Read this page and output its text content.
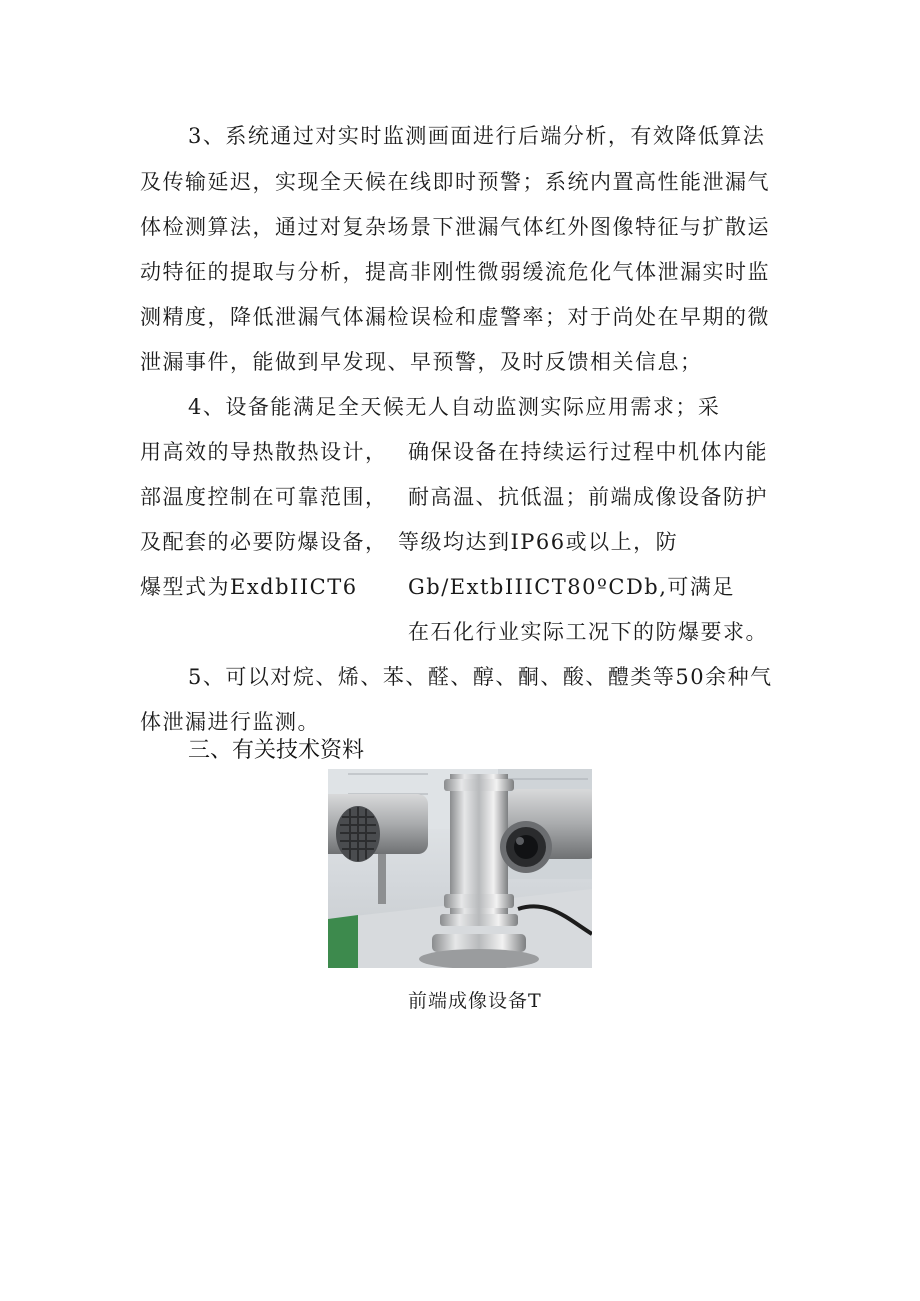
3、系统通过对实时监测画面进行后端分析，有效降低算法
及传输延迟，实现全天候在线即时预警；系统内置高性能泄漏气
体检测算法，通过对复杂场景下泄漏气体红外图像特征与扩散运
动特征的提取与分析，提高非刚性微弱缓流危化气体泄漏实时监
测精度，降低泄漏气体漏检误检和虚警率；对于尚处在早期的微
泄漏事件，能做到早发现、早预警，及时反馈相关信息；
4、设备能满足全天候无人自动监测实际应用需求；采
用高效的导热散热设计，
部温度控制在可靠范围，
及配套的必要防爆设备，
爆型式为ExdbIICT6
确保设备在持续运行过程中机体内能
耐高温、抗低温；前端成像设备防护
等级均达到IP66或以上，防
Gb/ExtbIIICT80ºCDb,可满足
在石化行业实际工况下的防爆要求。
5、可以对烷、烯、苯、醛、醇、酮、酸、醴类等50余种气
体泄漏进行监测。
三、有关技术资料
前端成像设备T
